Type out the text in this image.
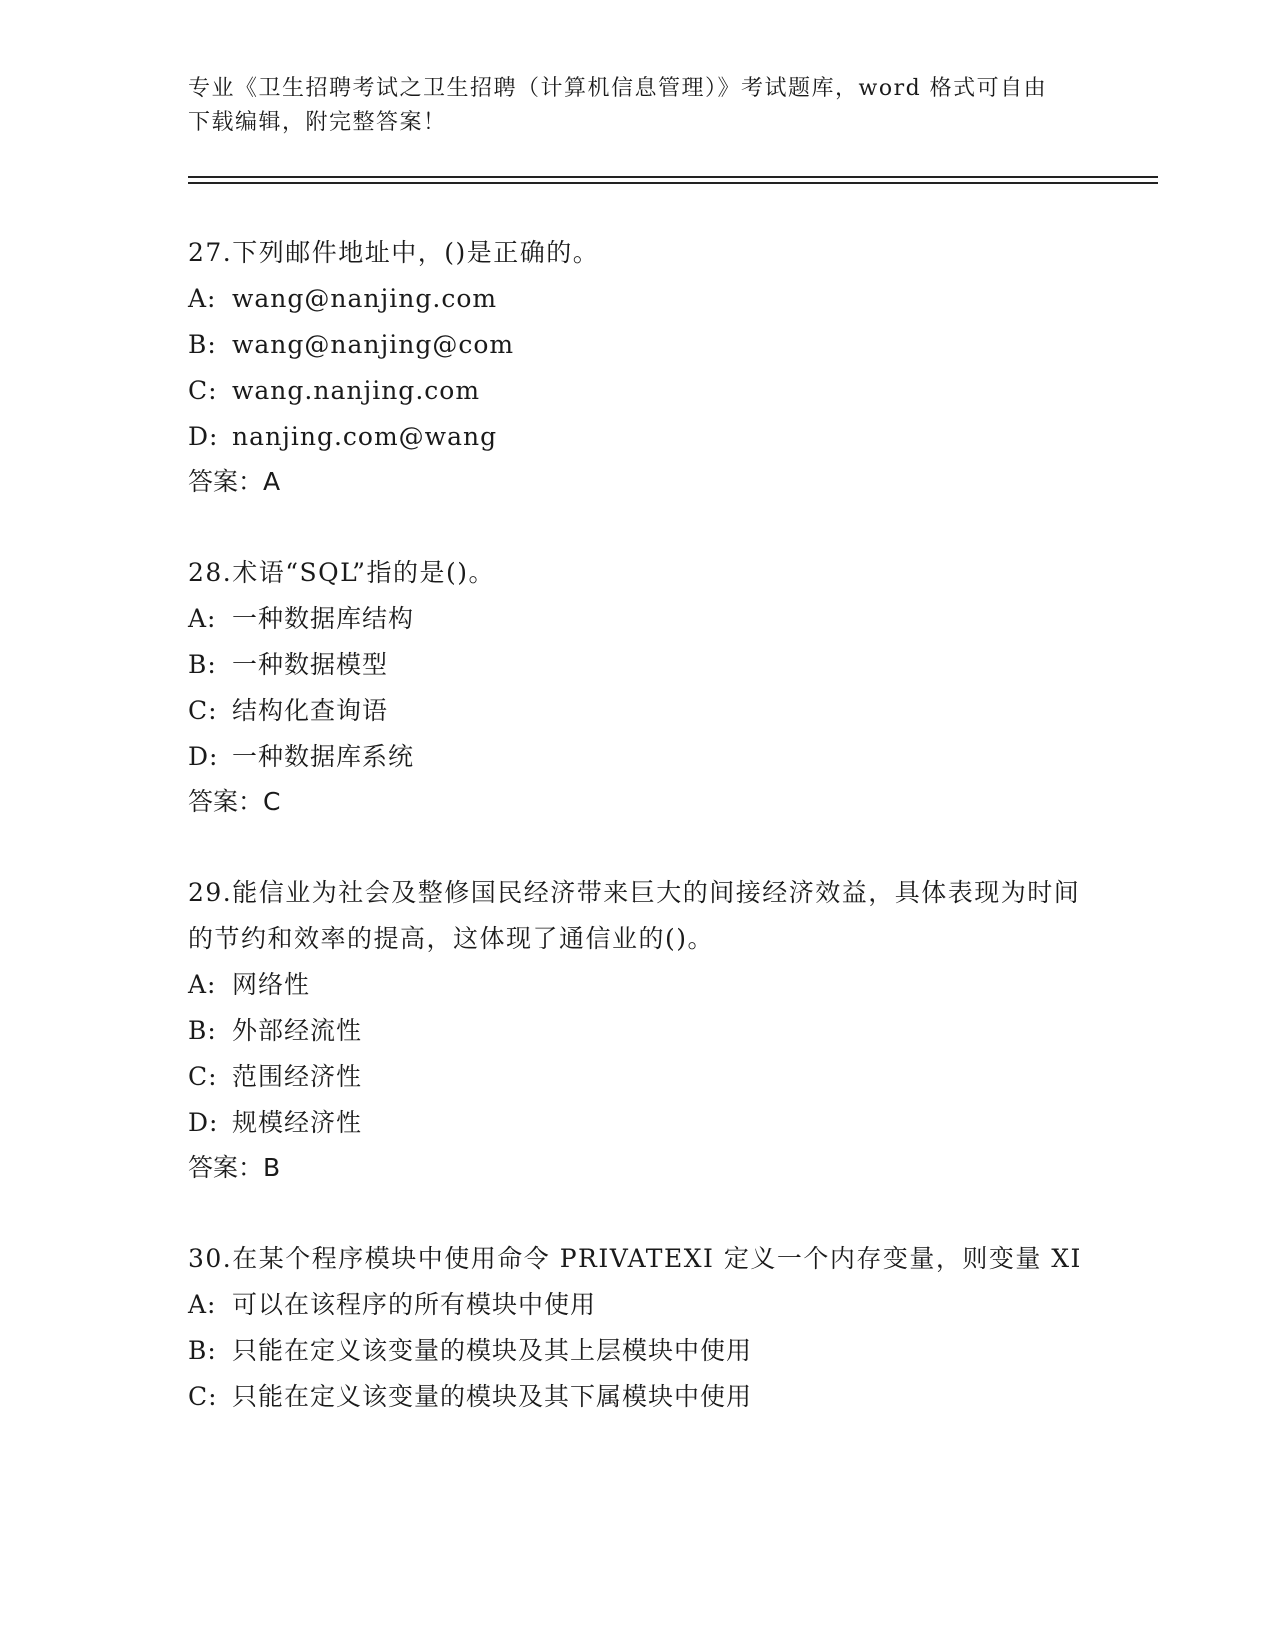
专业《卫生招聘考试之卫生招聘（计算机信息管理）》考试题库，word 格式可自由下载编辑，附完整答案！

27.下列邮件地址中，()是正确的。

A: wang@nanjing.com

B: wang@nanjing@com

C: wang.nanjing.com

D: nanjing.com@wang

答案：A

28.术语“SQL”指的是()。

A: 一种数据库结构

B: 一种数据模型

C: 结构化查询语

D: 一种数据库系统

答案：C

29.能信业为社会及整修国民经济带来巨大的间接经济效益，具体表现为时间的节约和效率的提高，这体现了通信业的()。

A: 网络性

B: 外部经流性

C: 范围经济性

D: 规模经济性

答案：B

30.在某个程序模块中使用命令 PRIVATEXI 定义一个内存变量，则变量 XI

A: 可以在该程序的所有模块中使用

B: 只能在定义该变量的模块及其上层模块中使用

C: 只能在定义该变量的模块及其下属模块中使用
